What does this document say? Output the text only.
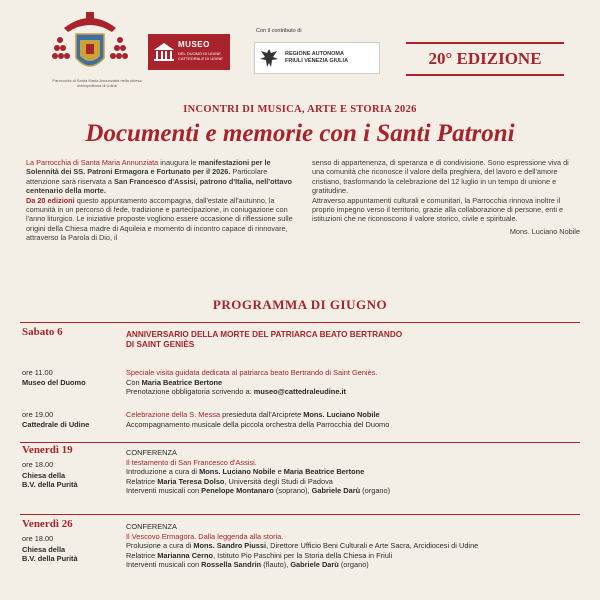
Parrocchia di Santa Maria Annunziata nella chiesa metropolitana di Udine
MUSEO
DEL DUOMO DI UDINE CATTEDRALE DI UDINE
Con il contributo di
REGIONE AUTONOMA
FRIULI VENEZIA GIULIA	20° EDIZIONE
INCONTRI DI MUSICA, ARTE E STORIA 2026
Documenti e memorie con i Santi Patroni

La Parrocchia di Santa Maria Annunziata inaugura le manifestazioni per le Solennità dei SS. Patroni Ermagora e Fortunato per il 2026. Particolare attenzione sarà riservata a San Francesco d'Assisi, patrono d'Italia, nell'ottavo centenario della morte.

Da 20 edizioni questo appuntamento accompagna, dall'estate all'autunno, la comunità in un percorso di fede, tradizione e partecipazione, in coniugazione con l'anno liturgico. Le iniziative proposte vogliono essere occasione di riflessione sulle origini della Chiesa madre di Aquileia e momento di incontro capace di rinnovare, attraverso la Parola di Dio, il

senso di appartenenza, di speranza e di condivisione. Sono espressione viva di una comunità che riconosce il valore della preghiera, del lavoro e dell'amore cristiano, trasformando la celebrazione del 12 luglio in un tempo di unione e gratitudine.

Attraverso appuntamenti culturali e comunitari, la Parrocchia rinnova inoltre il proprio impegno verso il territorio, grazie alla collaborazione di persone, enti e istituzioni che ne riconoscono il valore storico, civile e spirituale.

Mons. Luciano Nobile

PROGRAMMA DI GIUGNO
Sabato 6	ANNIVERSARIO DELLA MORTE DEL PATRIARCA BEATO BERTRANDO
DI SAINT GENIÈS
ore 11.00
Museo del Duomo

Speciale visita guidata dedicata al patriarca beato Bertrando di Saint Geniès.

Con Maria Beatrice Bertone

Prenotazione obbligatoria scrivendo a: museo@cattedraleudine.it

ore 19.00
Cattedrale di Udine

Celebrazione della S. Messa presieduta dall'Arciprete Mons. Luciano Nobile

Accompagnamento musicale della piccola orchestra della Parrocchia del Duomo

Venerdì 19
ore 18.00
Chiesa della
B.V. della Purità

CONFERENZA

Il testamento di San Francesco d'Assisi.

Introduzione a cura di Mons. Luciano Nobile e Maria Beatrice Bertone

Relatrice Maria Teresa Dolso, Università degli Studi di Padova

Interventi musicali con Penelope Montanaro (soprano), Gabriele Darù (organo)

Venerdì 26
ore 18.00
Chiesa della
B.V. della Purità

CONFERENZA

Il Vescovo Ermagora. Dalla leggenda alla storia.

Prolusione a cura di Mons. Sandro Piussi, Direttore Ufficio Beni Culturali e Arte Sacra, Arcidiocesi di Udine

Relatrice Marianna Cerno, Istituto Pio Paschini per la Storia della Chiesa in Friuli

Interventi musicali con Rossella Sandrin (flauto), Gabriele Darù (organo)
